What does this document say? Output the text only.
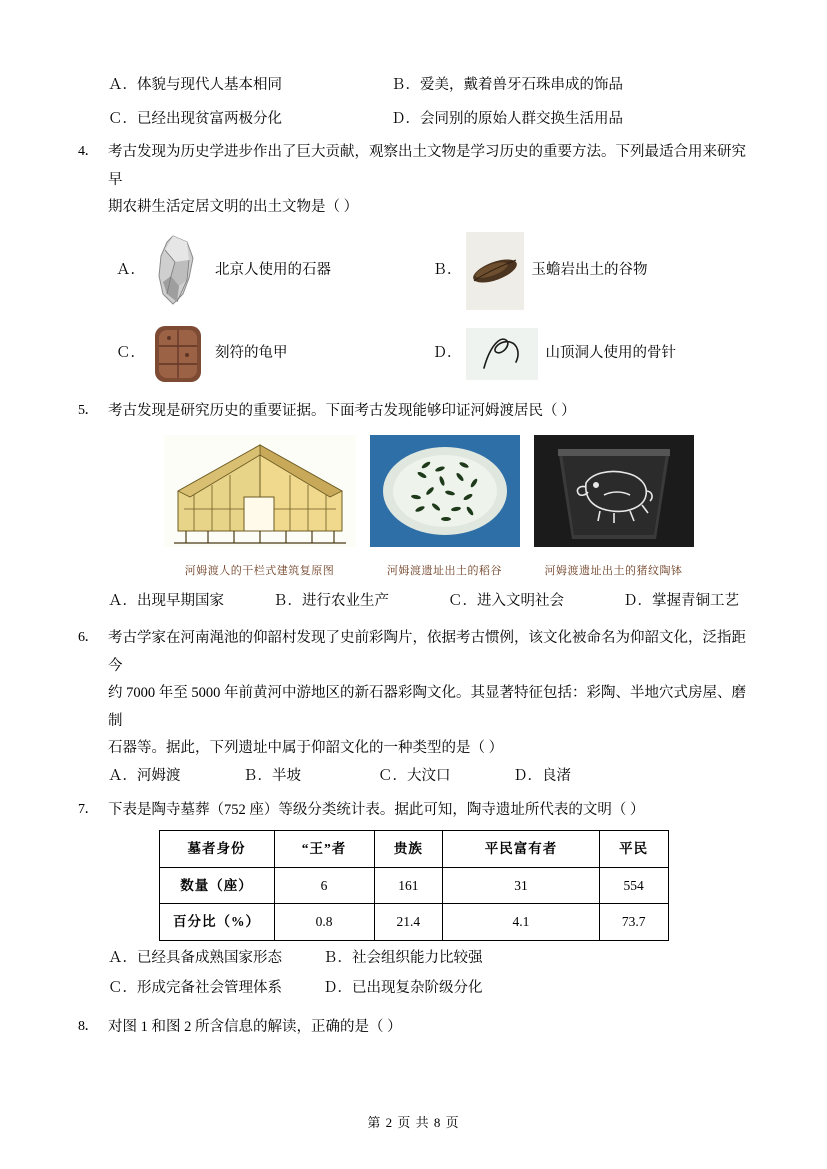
Ａ．体貌与现代人基本相同	Ｂ．爱美，戴着兽牙石珠串成的饰品
Ｃ．已经出现贫富两极分化	Ｄ．会同别的原始人群交换生活用品
4． 考古发现为历史学进步作出了巨大贡献，观察出土文物是学习历史的重要方法。下列最适合用来研究早
期农耕生活定居文明的出土文物是（ ）
Ａ．	北京人使用的石器	Ｂ．	玉蟾岩出土的谷物
Ｃ．	刻符的龟甲	Ｄ．	山顶洞人使用的骨针
5． 考古发现是研究历史的重要证据。下面考古发现能够印证河姆渡居民（ ）
河姆渡人的干栏式建筑复原图	河姆渡遗址出土的稻谷	河姆渡遗址出土的猪纹陶钵
Ａ．出现早期国家	Ｂ．进行农业生产	Ｃ．进入文明社会	Ｄ．掌握青铜工艺
6． 考古学家在河南渑池的仰韶村发现了史前彩陶片，依据考古惯例，该文化被命名为仰韶文化，泛指距今
约 7000 年至 5000 年前黄河中游地区的新石器彩陶文化。其显著特征包括：彩陶、半地穴式房屋、磨制
石器等。据此，下列遗址中属于仰韶文化的一种类型的是（ ）
Ａ．河姆渡	Ｂ．半坡	Ｃ．大汶口	Ｄ．良渚
7． 下表是陶寺墓葬（752 座）等级分类统计表。据此可知，陶寺遗址所代表的文明（ ）
墓者身份	“王”者	贵族	平民富有者	平民
数量（座）	6	161	31	554
百分比（%）	0.8	21.4	4.1	73.7
Ａ．已经具备成熟国家形态	Ｂ．社会组织能力比较强
Ｃ．形成完备社会管理体系	Ｄ．已出现复杂阶级分化
8． 对图 1 和图 2 所含信息的解读，正确的是（ ）
第 2 页 共 8 页
